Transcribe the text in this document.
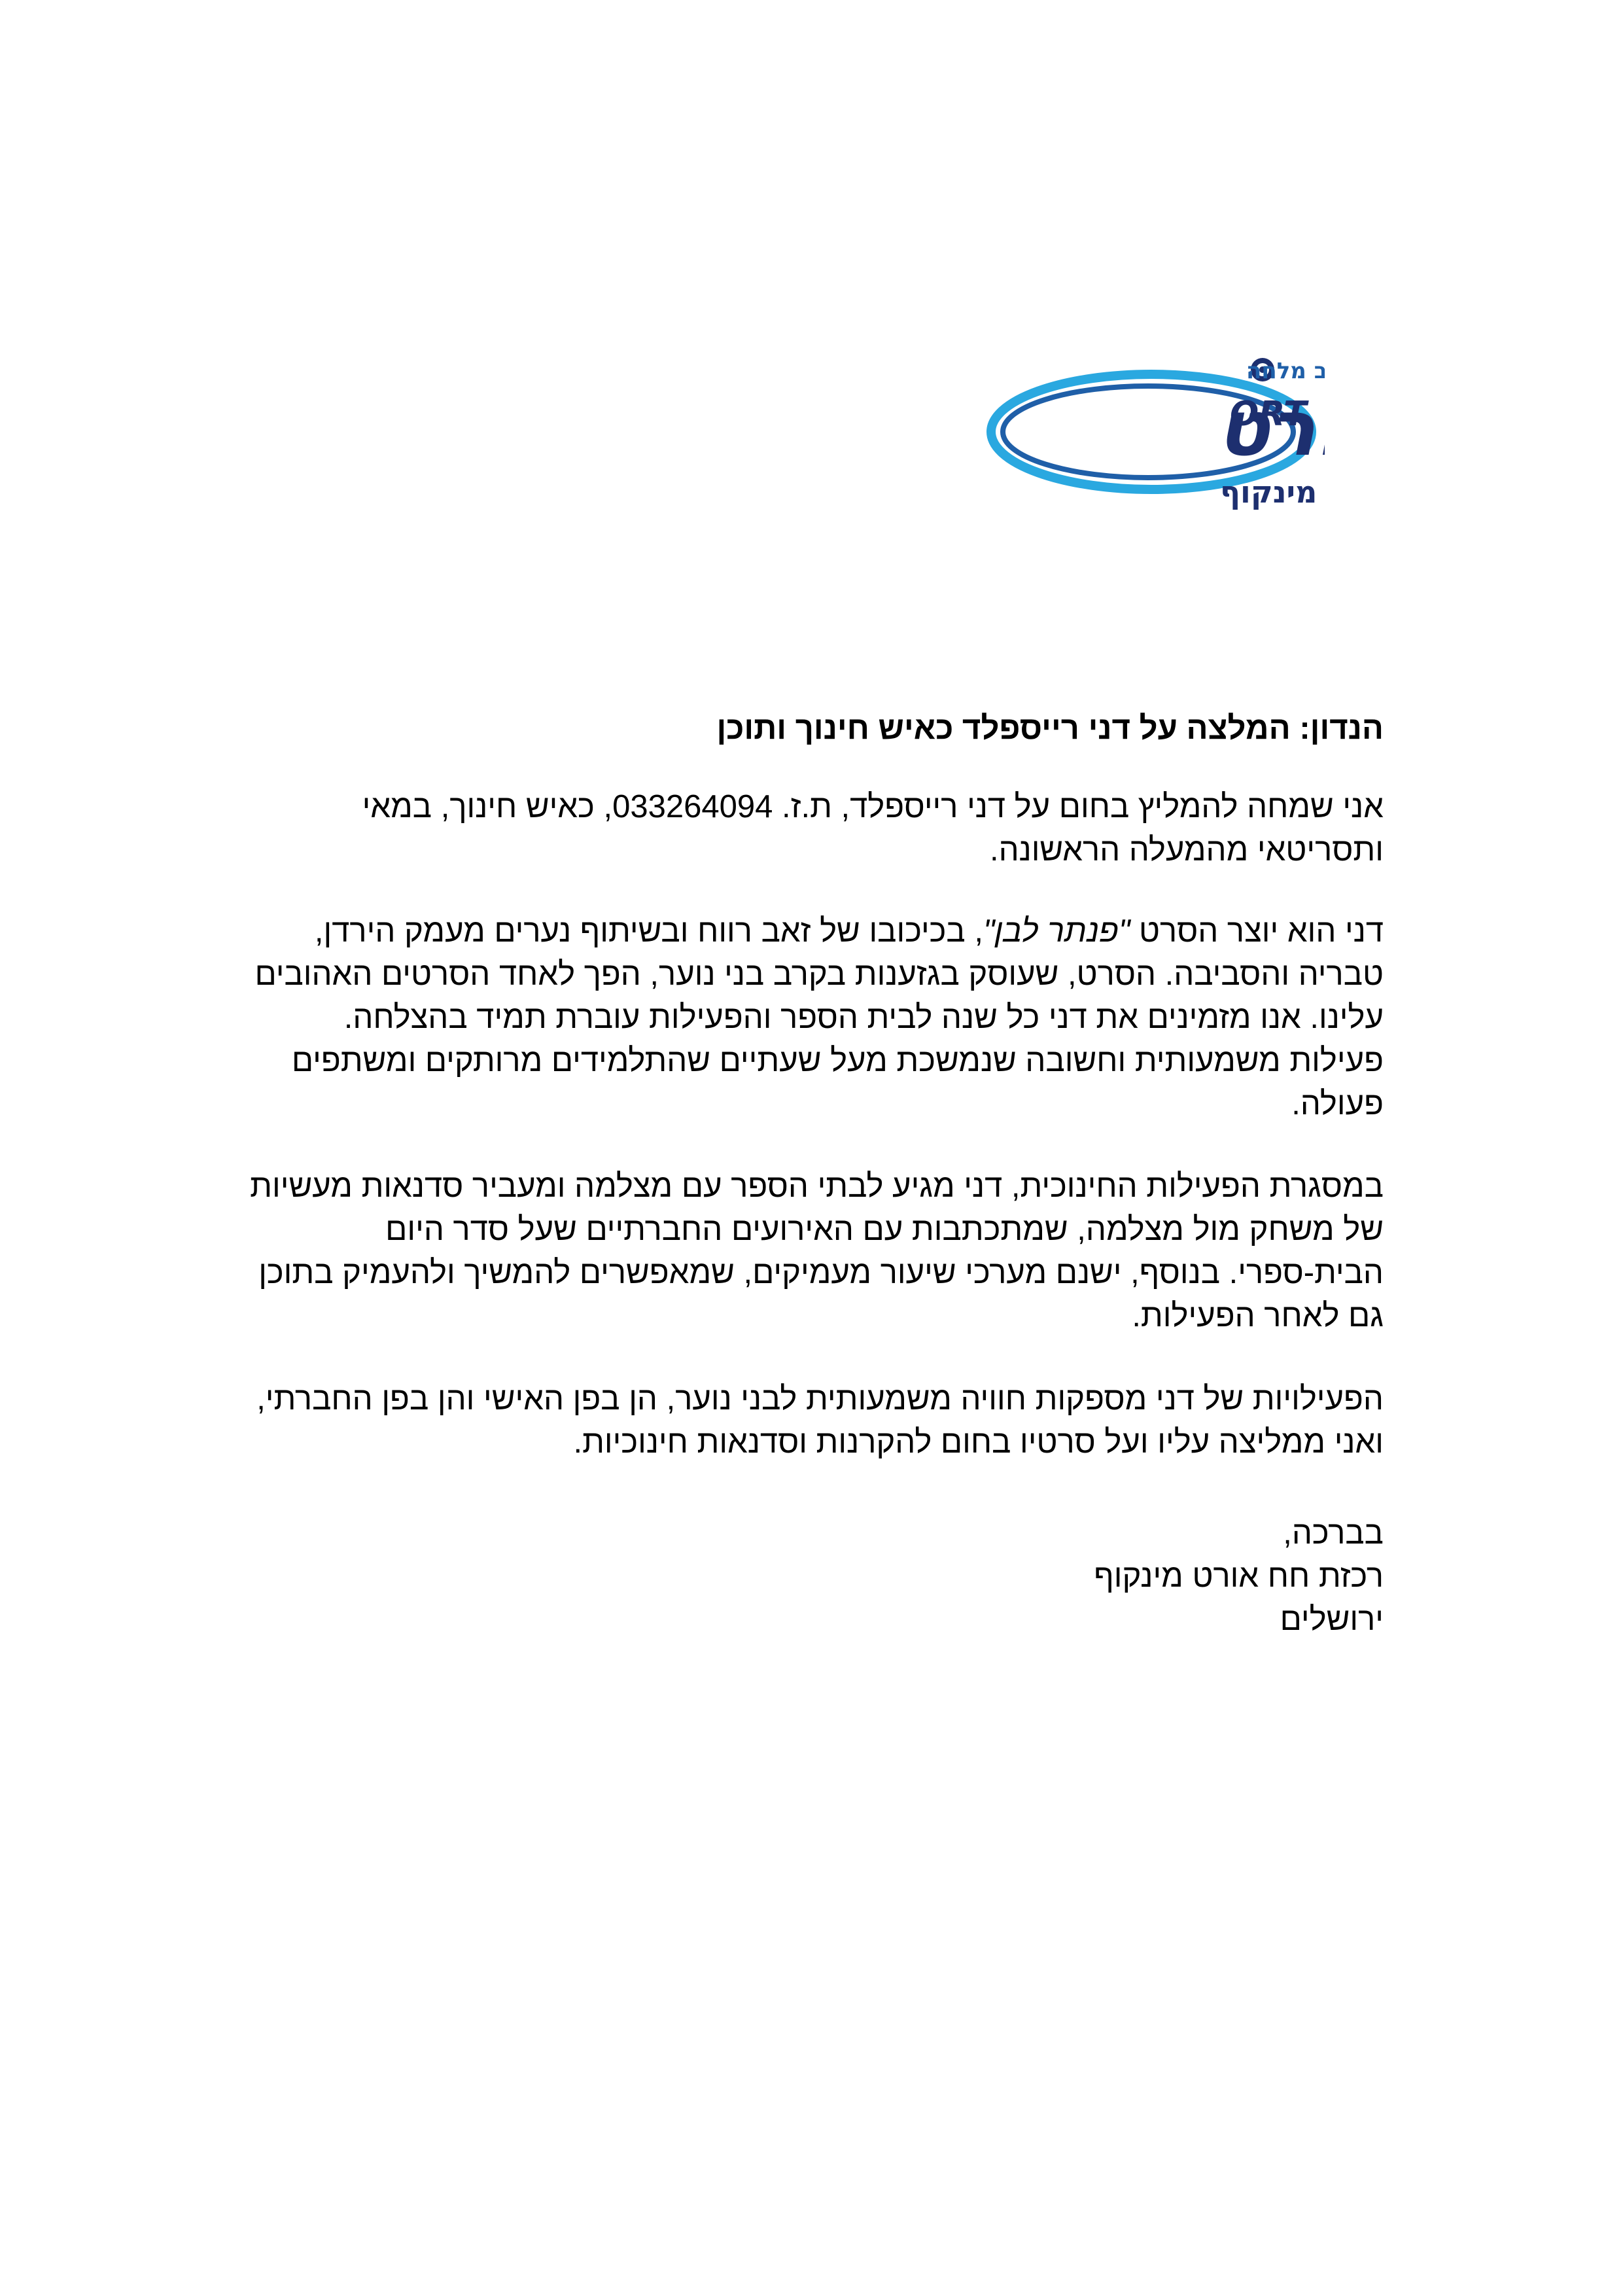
ב מלחה
רט
ORT
מינקוף

הנדון: המלצה על דני רייספלד כאיש חינוך ותוכן

אני שמחה להמליץ בחום על דני רייספלד, ת.ז. 033264094, כאיש חינוך, במאי ותסריטאי מהמעלה הראשונה.

דני הוא יוצר הסרט "פנתר לבן", בכיכובו של זאב רווח ובשיתוף נערים מעמק הירדן, טבריה והסביבה. הסרט, שעוסק בגזענות בקרב בני נוער, הפך לאחד הסרטים האהובים עלינו. אנו מזמינים את דני כל שנה לבית הספר והפעילות עוברת תמיד בהצלחה. פעילות משמעותית וחשובה שנמשכת מעל שעתיים שהתלמידים מרותקים ומשתפים פעולה.

במסגרת הפעילות החינוכית, דני מגיע לבתי הספר עם מצלמה ומעביר סדנאות מעשיות של משחק מול מצלמה, שמתכתבות עם האירועים החברתיים שעל סדר היום הבית-ספרי. בנוסף, ישנם מערכי שיעור מעמיקים, שמאפשרים להמשיך ולהעמיק בתוכן גם לאחר הפעילות.

הפעילויות של דני מספקות חוויה משמעותית לבני נוער, הן בפן האישי והן בפן החברתי, ואני ממליצה עליו ועל סרטיו בחום להקרנות וסדנאות חינוכיות.

בברכה,
רכזת חח אורט מינקוף
ירושלים
